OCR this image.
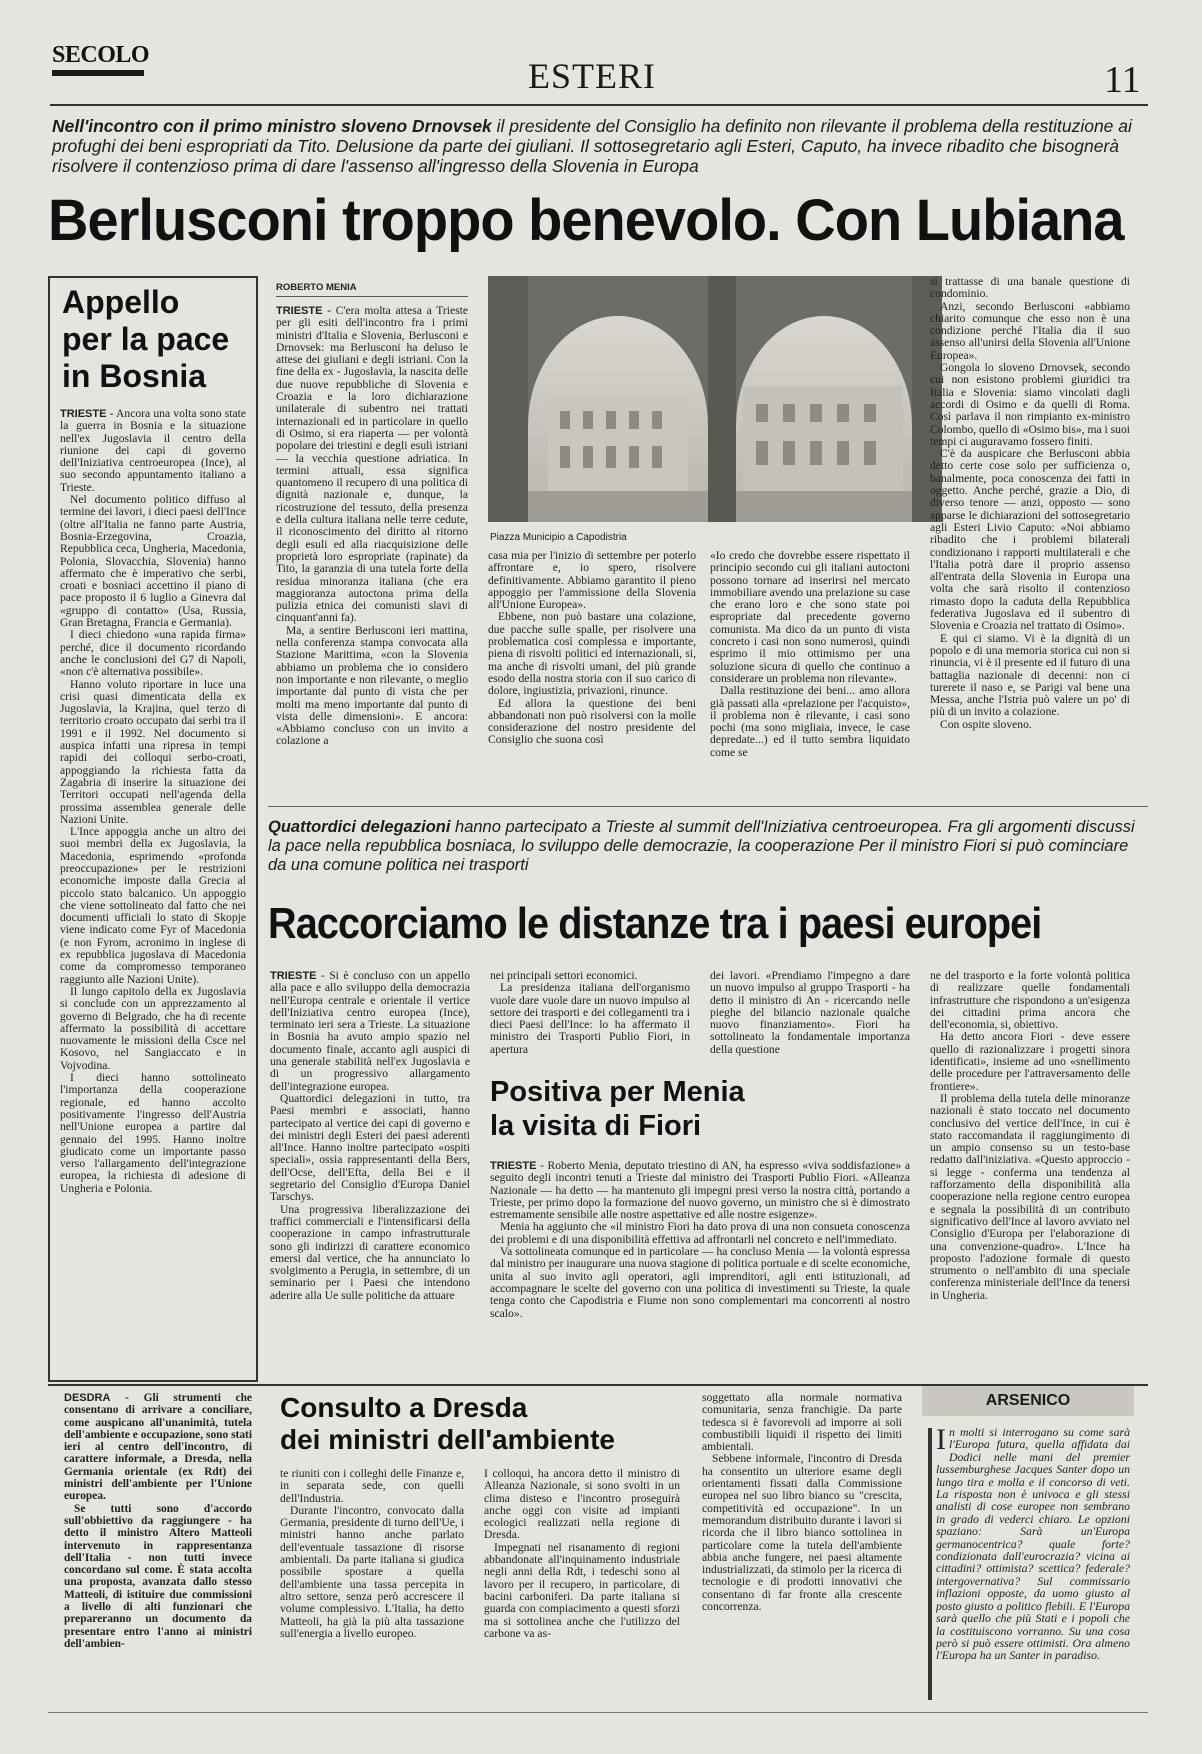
SECOLO
ESTERI	11
Nell'incontro con il primo ministro sloveno Drnovsek il presidente del Consiglio ha definito non rilevante il problema della restituzione ai profughi dei beni espropriati da Tito. Delusione da parte dei giuliani. Il sottosegretario agli Esteri, Caputo, ha invece ribadito che bisognerà risolvere il contenzioso prima di dare l'assenso all'ingresso della Slovenia in Europa
Berlusconi troppo benevolo. Con Lubiana
Appello
per la pace
in Bosnia

TRIESTE - Ancora una volta sono state la guerra in Bosnia e la situazione nell'ex Jugoslavia il centro della riunione dei capi di governo dell'Iniziativa centroeuropea (Ince), al suo secondo appuntamento italiano a Trieste.

Nel documento politico diffuso al termine dei lavori, i dieci paesi dell'Ince (oltre all'Italia ne fanno parte Austria, Bosnia-Erzegovina, Croazia, Repubblica ceca, Ungheria, Macedonia, Polonia, Slovacchia, Slovenia) hanno affermato che è imperativo che serbi, croati e bosniaci accettino il piano di pace proposto il 6 luglio a Ginevra dal «gruppo di contatto» (Usa, Russia, Gran Bretagna, Francia e Germania).

I dieci chiedono «una rapida firma» perché, dice il documento ricordando anche le conclusioni del G7 di Napoli, «non c'è alternativa possibile».

Hanno voluto riportare in luce una crisi quasi dimenticata della ex Jugoslavia, la Krajina, quel terzo di territorio croato occupato dai serbi tra il 1991 e il 1992. Nel documento si auspica infatti una ripresa in tempi rapidi dei colloqui serbo-croati, appoggiando la richiesta fatta da Zagabria di inserire la situazione dei Territori occupati nell'agenda della prossima assemblea generale delle Nazioni Unite.

L'Ince appoggia anche un altro dei suoi membri della ex Jugoslavia, la Macedonia, esprimendo «profonda preoccupazione» per le restrizioni economiche imposte dalla Grecia al piccolo stato balcanico. Un appoggio che viene sottolineato dal fatto che nei documenti ufficiali lo stato di Skopje viene indicato come Fyr of Macedonia (e non Fyrom, acronimo in inglese di ex repubblica jugoslava di Macedonia come da compromesso temporaneo raggiunto alle Nazioni Unite).

Il lungo capitolo della ex Jugoslavia si conclude con un apprezzamento al governo di Belgrado, che ha di recente affermato la possibilità di accettare nuovamente le missioni della Csce nel Kosovo, nel Sangiaccato e in Vojvodina.

I dieci hanno sottolineato l'importanza della cooperazione regionale, ed hanno accolto positivamente l'ingresso dell'Austria nell'Unione europea a partire dal gennaio del 1995. Hanno inoltre giudicato come un importante passo verso l'allargamento dell'integrazione europea, la richiesta di adesione di Ungheria e Polonia.

ROBERTO MENIA

TRIESTE - C'era molta attesa a Trieste per gli esiti dell'incontro fra i primi ministri d'Italia e Slovenia, Berlusconi e Drnovsek: ma Berlusconi ha deluso le attese dei giuliani e degli istriani. Con la fine della ex - Jugoslavia, la nascita delle due nuove repubbliche di Slovenia e Croazia e la loro dichiarazione unilaterale di subentro nei trattati internazionali ed in particolare in quello di Osimo, si era riaperta — per volontà popolare dei triestini e degli esuli istriani — la vecchia questione adriatica. In termini attuali, essa significa quantomeno il recupero di una politica di dignità nazionale e, dunque, la ricostruzione del tessuto, della presenza e della cultura italiana nelle terre cedute, il riconoscimento del diritto al ritorno degli esuli ed alla riacquisizione delle proprietà loro espropriate (rapinate) da Tito, la garanzia di una tutela forte della residua minoranza italiana (che era maggioranza autoctona prima della pulizia etnica dei comunisti slavi di cinquant'anni fa).

Ma, a sentire Berlusconi ieri mattina, nella conferenza stampa convocata alla Stazione Marittima, «con la Slovenia abbiamo un problema che io considero non importante e non rilevante, o meglio importante dal punto di vista che per molti ma meno importante dal punto di vista delle dimensioni». E ancora: «Abbiamo concluso con un invito a colazione a

Piazza Municipio a Capodistria

casa mia per l'inizio di settembre per poterlo affrontare e, io spero, risolvere definitivamente. Abbiamo garantito il pieno appoggio per l'ammissione della Slovenia all'Unione Europea».

Ebbene, non può bastare una colazione, due pacche sulle spalle, per risolvere una problematica così complessa e importante, piena di risvolti politici ed internazionali, si, ma anche di risvolti umani, del più grande esodo della nostra storia con il suo carico di dolore, ingiustizia, privazioni, rinunce.

Ed allora la questione dei beni abbandonati non può risolversi con la molle considerazione del nostro presidente del Consiglio che suona così

«Io credo che dovrebbe essere rispettato il principio secondo cui gli italiani autoctoni possono tornare ad inserirsi nel mercato immobiliare avendo una prelazione su case che erano loro e che sono state poi espropriate dal precedente governo comunista. Ma dico da un punto di vista concreto i casi non sono numerosi, quindi esprimo il mio ottimismo per una soluzione sicura di quello che continuo a considerare un problema non rilevante».

Dalla restituzione dei beni... amo allora già passati alla «prelazione per l'acquisto», il problema non è rilevante, i casi sono pochi (ma sono migliaia, invece, le case depredate...) ed il tutto sembra liquidato come se

si trattasse di una banale questione di condominio.

Anzi, secondo Berlusconi «abbiamo chiarito comunque che esso non è una condizione perché l'Italia dia il suo assenso all'unirsi della Slovenia all'Unione Europea».

Gongola lo sloveno Drnovsek, secondo cui non esistono problemi giuridici tra Italia e Slovenia: siamo vincolati dagli accordi di Osimo e da quelli di Roma. Così parlava il non rimpianto ex-ministro Colombo, quello di «Osimo bis», ma i suoi tempi ci auguravamo fossero finiti.

C'è da auspicare che Berlusconi abbia detto certe cose solo per sufficienza o, banalmente, poca conoscenza dei fatti in oggetto. Anche perché, grazie a Dio, di diverso tenore — anzi, opposto — sono apparse le dichiarazioni del sottosegretario agli Esteri Livio Caputo: «Noi abbiamo ribadito che i problemi bilaterali condizionano i rapporti multilaterali e che l'Italia potrà dare il proprio assenso all'entrata della Slovenia in Europa una volta che sarà risolto il contenzioso rimasto dopo la caduta della Repubblica federativa Jugoslava ed il subentro di Slovenia e Croazia nel trattato di Osimo».

E qui ci siamo. Vi è la dignità di un popolo e di una memoria storica cui non si rinuncia, vi è il presente ed il futuro di una battaglia nazionale di decenni: non ci turerete il naso e, se Parigi val bene una Messa, anche l'Istria può valere un po' di più di un invito a colazione.

Con ospite sloveno.

Quattordici delegazioni hanno partecipato a Trieste al summit dell'Iniziativa centroeuropea. Fra gli argomenti discussi la pace nella repubblica bosniaca, lo sviluppo delle democrazie, la cooperazione Per il ministro Fiori si può cominciare da una comune politica nei trasporti
Raccorciamo le distanze tra i paesi europei

TRIESTE - Si è concluso con un appello alla pace e allo sviluppo della democrazia nell'Europa centrale e orientale il vertice dell'Iniziativa centro europea (Ince), terminato ieri sera a Trieste. La situazione in Bosnia ha avuto ampio spazio nel documento finale, accanto agli auspici di una generale stabilità nell'ex Jugoslavia e di un progressivo allargamento dell'integrazione europea.

Quattordici delegazioni in tutto, tra Paesi membri e associati, hanno partecipato al vertice dei capi di governo e dei ministri degli Esteri dei paesi aderenti all'Ince. Hanno inoltre partecipato «ospiti speciali», ossia rappresentanti della Bers, dell'Ocse, dell'Efta, della Bei e il segretario del Consiglio d'Europa Daniel Tarschys.

Una progressiva liberalizzazione dei traffici commerciali e l'intensificarsi della cooperazione in campo infrastrutturale sono gli indirizzi di carattere economico emersi dal vertice, che ha annunciato lo svolgimento a Perugia, in settembre, di un seminario per i Paesi che intendono aderire alla Ue sulle politiche da attuare

nei principali settori economici.

La presidenza italiana dell'organismo vuole dare vuole dare un nuovo impulso al settore dei trasporti e dei collegamenti tra i dieci Paesi dell'Ince: lo ha affermato il ministro dei Trasporti Publio Fiori, in apertura

dei lavori. «Prendiamo l'impegno a dare un nuovo impulso al gruppo Trasporti - ha detto il ministro di An - ricercando nelle pieghe del bilancio nazionale qualche nuovo finanziamento». Fiori ha sottolineato la fondamentale importanza della questione

ne del trasporto e la forte volontà politica di realizzare quelle fondamentali infrastrutture che rispondono a un'esigenza dei cittadini prima ancora che dell'economia, si, obiettivo.

Ha detto ancora Fiori - deve essere quello di razionalizzare i progetti sinora identificati», insieme ad uno «snellimento delle procedure per l'attraversamento delle frontiere».

Il problema della tutela delle minoranze nazionali è stato toccato nel documento conclusivo del vertice dell'Ince, in cui è stato raccomandata il raggiungimento di un ampio consenso su un testo-base redatto dall'iniziativa. «Questo approccio - si legge - conferma una tendenza al rafforzamento della disponibilità alla cooperazione nella regione centro europea e segnala la possibilità di un contributo significativo dell'Ince al lavoro avviato nel Consiglio d'Europa per l'elaborazione di una convenzione-quadro». L'Ince ha proposto l'adozione formale di questo strumento o nell'ambito di una speciale conferenza ministeriale dell'Ince da tenersi in Ungheria.

Positiva per Menia
la visita di Fiori

TRIESTE - Roberto Menia, deputato triestino di AN, ha espresso «viva soddisfazione» a seguito degli incontri tenuti a Trieste dal ministro dei Trasporti Publio Fiori. «Alleanza Nazionale — ha detto — ha mantenuto gli impegni presi verso la nostra città, portando a Trieste, per primo dopo la formazione del nuovo governo, un ministro che si è dimostrato estremamente sensibile alle nostre aspettative ed alle nostre esigenze».

Menia ha aggiunto che «il ministro Fiori ha dato prova di una non consueta conoscenza dei problemi e di una disponibilità effettiva ad affrontarli nel concreto e nell'immediato.

Va sottolineata comunque ed in particolare — ha concluso Menia — la volontà espressa dal ministro per inaugurare una nuova stagione di politica portuale e di scelte economiche, unita al suo invito agli operatori, agli imprenditori, agli enti istituzionali, ad accompagnare le scelte del governo con una politica di investimenti su Trieste, la quale tenga conto che Capodistria e Fiume non sono complementari ma concorrenti al nostro scalo».

Consulto a Dresda
dei ministri dell'ambiente

DESDRA - Gli strumenti che consentano di arrivare a conciliare, come auspicano all'unanimità, tutela dell'ambiente e occupazione, sono stati ieri al centro dell'incontro, di carattere informale, a Dresda, nella Germania orientale (ex Rdt) dei ministri dell'ambiente per l'Unione europea.

Se tutti sono d'accordo sull'obbiettivo da raggiungere - ha detto il ministro Altero Matteoli intervenuto in rappresentanza dell'Italia - non tutti invece concordano sul come. È stata accolta una proposta, avanzata dallo stesso Matteoli, di istituire due commissioni a livello di alti funzionari che prepareranno un documento da presentare entro l'anno ai ministri dell'ambien-

te riuniti con i colleghi delle Finanze e, in separata sede, con quelli dell'Industria.

Durante l'incontro, convocato dalla Germania, presidente di turno dell'Ue, i ministri hanno anche parlato dell'eventuale tassazione di risorse ambientali. Da parte italiana si giudica possibile spostare a quella dell'ambiente una tassa percepita in altro settore, senza però accrescere il volume complessivo. L'Italia, ha detto Matteoli, ha già la più alta tassazione sull'energia a livello europeo.

I colloqui, ha ancora detto il ministro di Alleanza Nazionale, si sono svolti in un clima disteso e l'incontro proseguirà anche oggi con visite ad impianti ecologici realizzati nella regione di Dresda.

Impegnati nel risanamento di regioni abbandonate all'inquinamento industriale negli anni della Rdt, i tedeschi sono al lavoro per il recupero, in particolare, di bacini carboniferi. Da parte italiana si guarda con compiacimento a questi sforzi ma si sottolinea anche che l'utilizzo del carbone va as-

soggettato alla normale normativa comunitaria, senza franchigie. Da parte tedesca si è favorevoli ad imporre ai soli combustibili liquidi il rispetto dei limiti ambientali.

Sebbene informale, l'incontro di Dresda ha consentito un ulteriore esame degli orientamenti fissati dalla Commissione europea nel suo libro bianco su "crescita, competitività ed occupazione". In un memorandum distribuito durante i lavori si ricorda che il libro bianco sottolinea in particolare come la tutela dell'ambiente abbia anche fungere, nei paesi altamente industrializzati, da stimolo per la ricerca di tecnologie e di prodotti innovativi che consentano di far fronte alla crescente concorrenza.

ARSENICO
In molti si interrogano su come sarà l'Europa futura, quella affidata dai Dodici nelle mani del premier lussemburghese Jacques Santer dopo un lungo tira e molla e il concorso di veti. La risposta non è univoca e gli stessi analisti di cose europee non sembrano in grado di vederci chiaro. Le opzioni spaziano: Sarà un'Europa germanocentrica? quale forte? condizionata dall'eurocrazia? vicina ai cittadini? ottimista? scettica? federale? intergovernativa? Sul commissario inflazioni opposte, da uomo giusto al posto giusto a politico flebili. E l'Europa sarà quello che più Stati e i popoli che la costituiscono vorranno. Su una cosa però si può essere ottimisti. Ora almeno l'Europa ha un Santer in paradiso.
